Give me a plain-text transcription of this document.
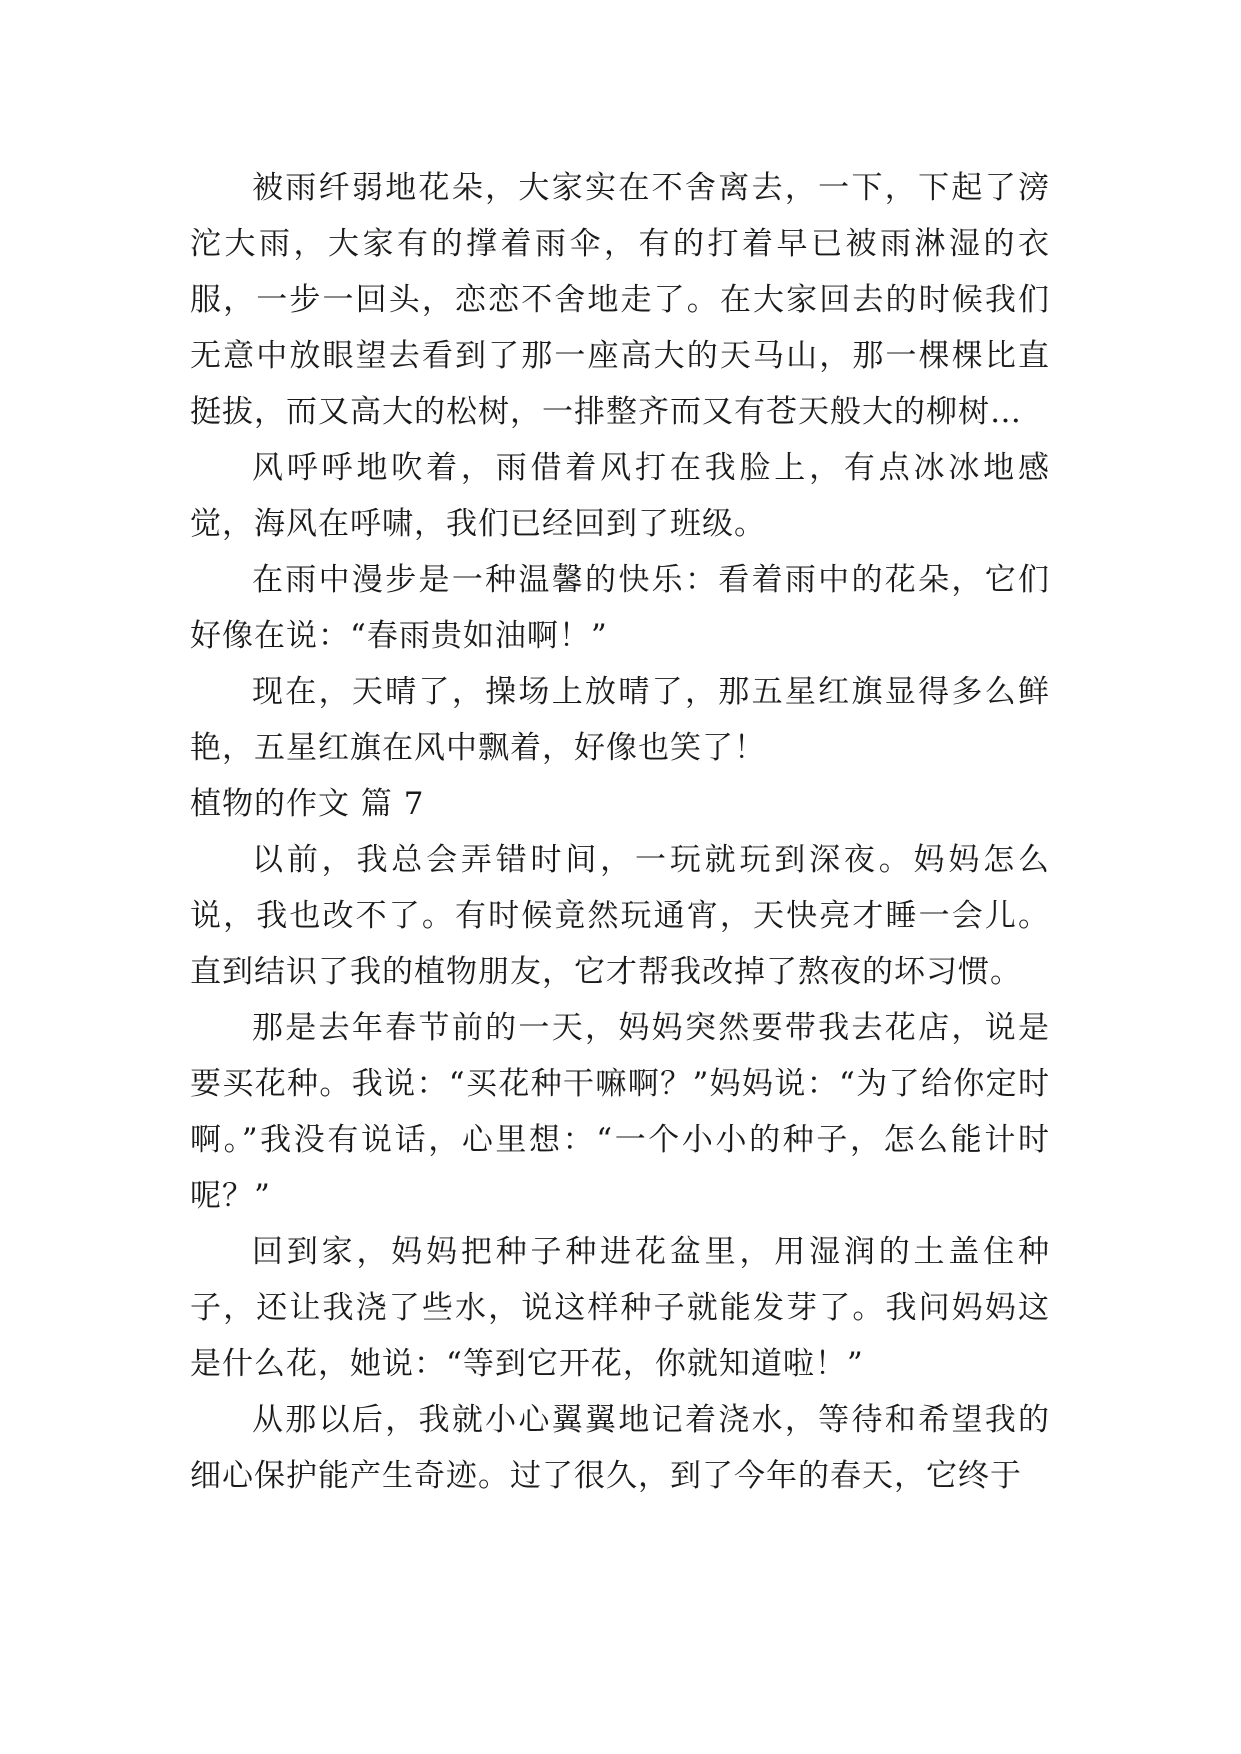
被雨纤弱地花朵，大家实在不舍离去，一下，下起了滂沱大雨，大家有的撑着雨伞，有的打着早已被雨淋湿的衣服，一步一回头，恋恋不舍地走了。在大家回去的时候我们无意中放眼望去看到了那一座高大的天马山，那一棵棵比直挺拔，而又高大的松树，一排整齐而又有苍天般大的柳树…

风呼呼地吹着，雨借着风打在我脸上，有点冰冰地感觉，海风在呼啸，我们已经回到了班级。

在雨中漫步是一种温馨的快乐：看着雨中的花朵，它们好像在说：“春雨贵如油啊！”

现在，天晴了，操场上放晴了，那五星红旗显得多么鲜艳，五星红旗在风中飘着，好像也笑了！

植物的作文 篇 7

以前，我总会弄错时间，一玩就玩到深夜。妈妈怎么说，我也改不了。有时候竟然玩通宵，天快亮才睡一会儿。直到结识了我的植物朋友，它才帮我改掉了熬夜的坏习惯。

那是去年春节前的一天，妈妈突然要带我去花店，说是要买花种。我说：“买花种干嘛啊？”妈妈说：“为了给你定时啊。”我没有说话，心里想：“一个小小的种子，怎么能计时呢？”

回到家，妈妈把种子种进花盆里，用湿润的土盖住种子，还让我浇了些水，说这样种子就能发芽了。我问妈妈这是什么花，她说：“等到它开花，你就知道啦！”

从那以后，我就小心翼翼地记着浇水，等待和希望我的细心保护能产生奇迹。过了很久，到了今年的春天，它终于
